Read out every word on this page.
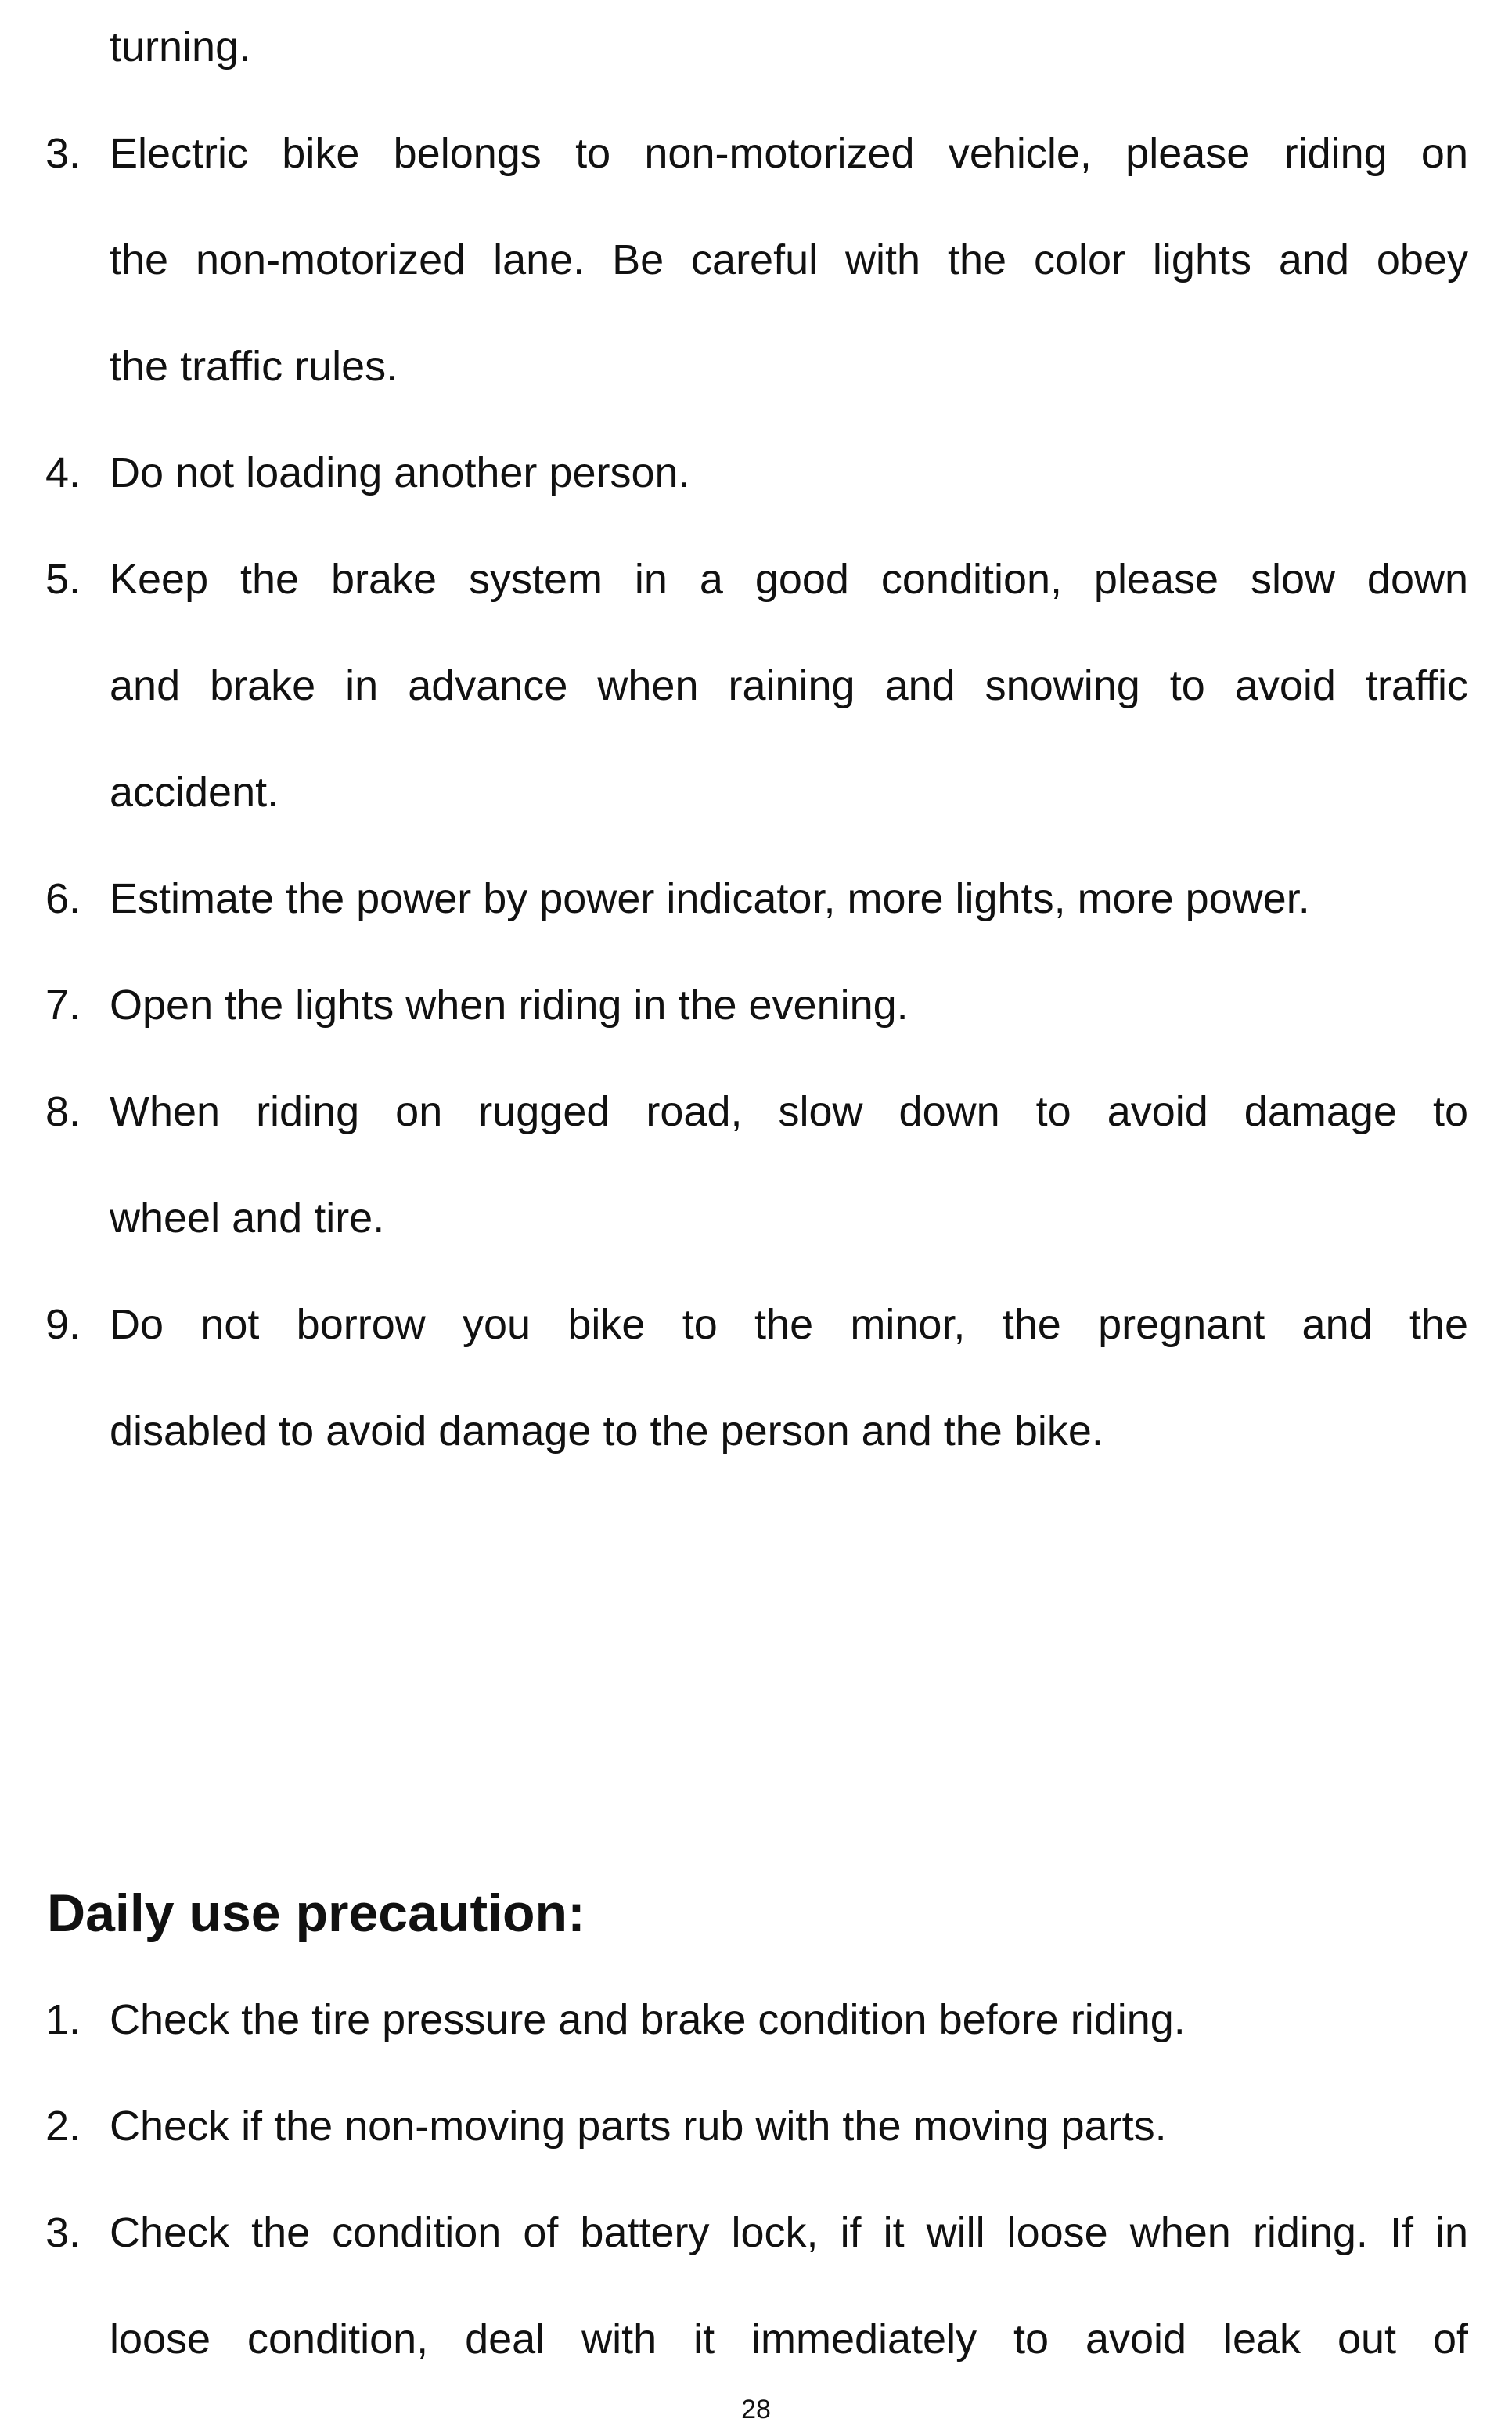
turning.
3. Electric bike belongs to non-motorized vehicle, please riding on
the non-motorized lane. Be careful with the color lights and obey
the traffic rules.
4. Do not loading another person.
5. Keep the brake system in a good condition, please slow down
and brake in advance when raining and snowing to avoid traffic
accident.
6. Estimate the power by power indicator, more lights, more power.
7. Open the lights when riding in the evening.
8. When riding on rugged road, slow down to avoid damage to
wheel and tire.
9. Do not borrow you bike to the minor, the pregnant and the
disabled to avoid damage to the person and the bike.
Daily use precaution:
1. Check the tire pressure and brake condition before riding.
2. Check if the non-moving parts rub with the moving parts.
3. Check the condition of battery lock, if it will loose when riding. If in
loose condition, deal with it immediately to avoid leak out of
28
